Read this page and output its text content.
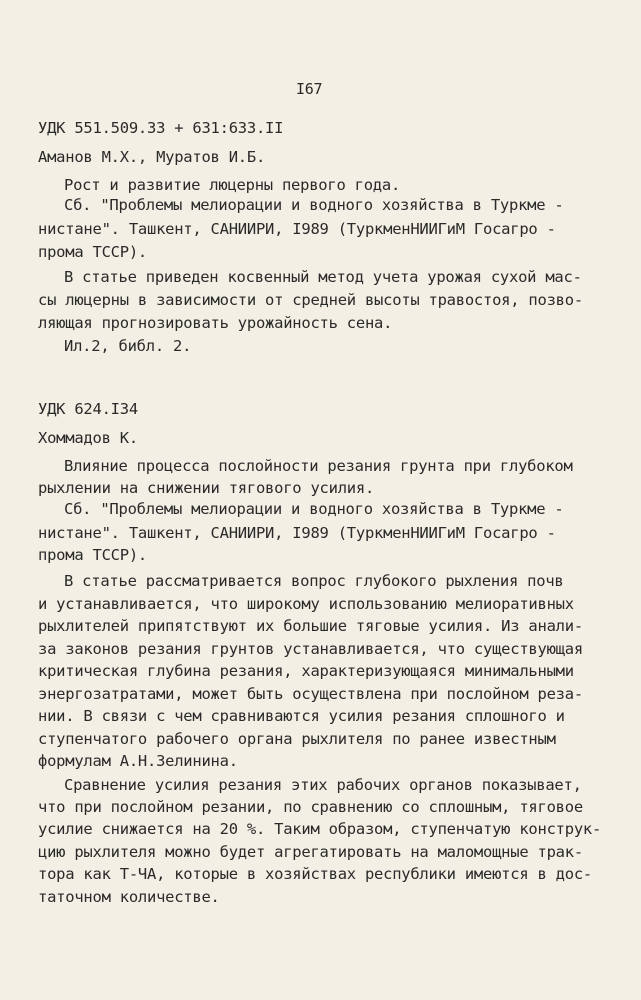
I67
УДК 551.509.33 + 631:633.II
Аманов М.Х., Муратов И.Б.
Рост и развитие люцерны первого года.
Сб. "Проблемы мелиорации и водного хозяйства в Туркме -
нистане". Ташкент, САНИИРИ, I989 (ТуркменНИИГиМ Госагро -
прома ТССР).
В статье приведен косвенный метод учета урожая сухой мас-
сы люцерны в зависимости от средней высоты травостоя, позво-
ляющая прогнозировать урожайность сена.
Ил.2, библ. 2.
УДК 624.I34
Хоммадов К.
Влияние процесса послойности резания грунта при глубоком
рыхлении на снижении тягового усилия.
Сб. "Проблемы мелиорации и водного хозяйства в Туркме -
нистане". Ташкент, САНИИРИ, I989 (ТуркменНИИГиМ Госагро -
прома ТССР).
В статье рассматривается вопрос глубокого рыхления почв
и устанавливается, что широкому использованию мелиоративных
рыхлителей припятствуют их большие тяговые усилия. Из анали-
за законов резания грунтов устанавливается, что существующая
критическая глубина резания, характеризующаяся минимальными
энергозатратами, может быть осуществлена при послойном реза-
нии. В связи с чем сравниваются усилия резания сплошного и
ступенчатого рабочего органа рыхлителя по ранее известным
формулам А.Н.Зелинина.
Сравнение усилия резания этих рабочих органов показывает,
что при послойном резании, по сравнению со сплошным, тяговое
усилие снижается на 20 %. Таким образом, ступенчатую конструк-
цию рыхлителя можно будет агрегатировать на маломощные трак-
тора как Т-ЧА, которые в хозяйствах республики имеются в дос-
таточном количестве.
